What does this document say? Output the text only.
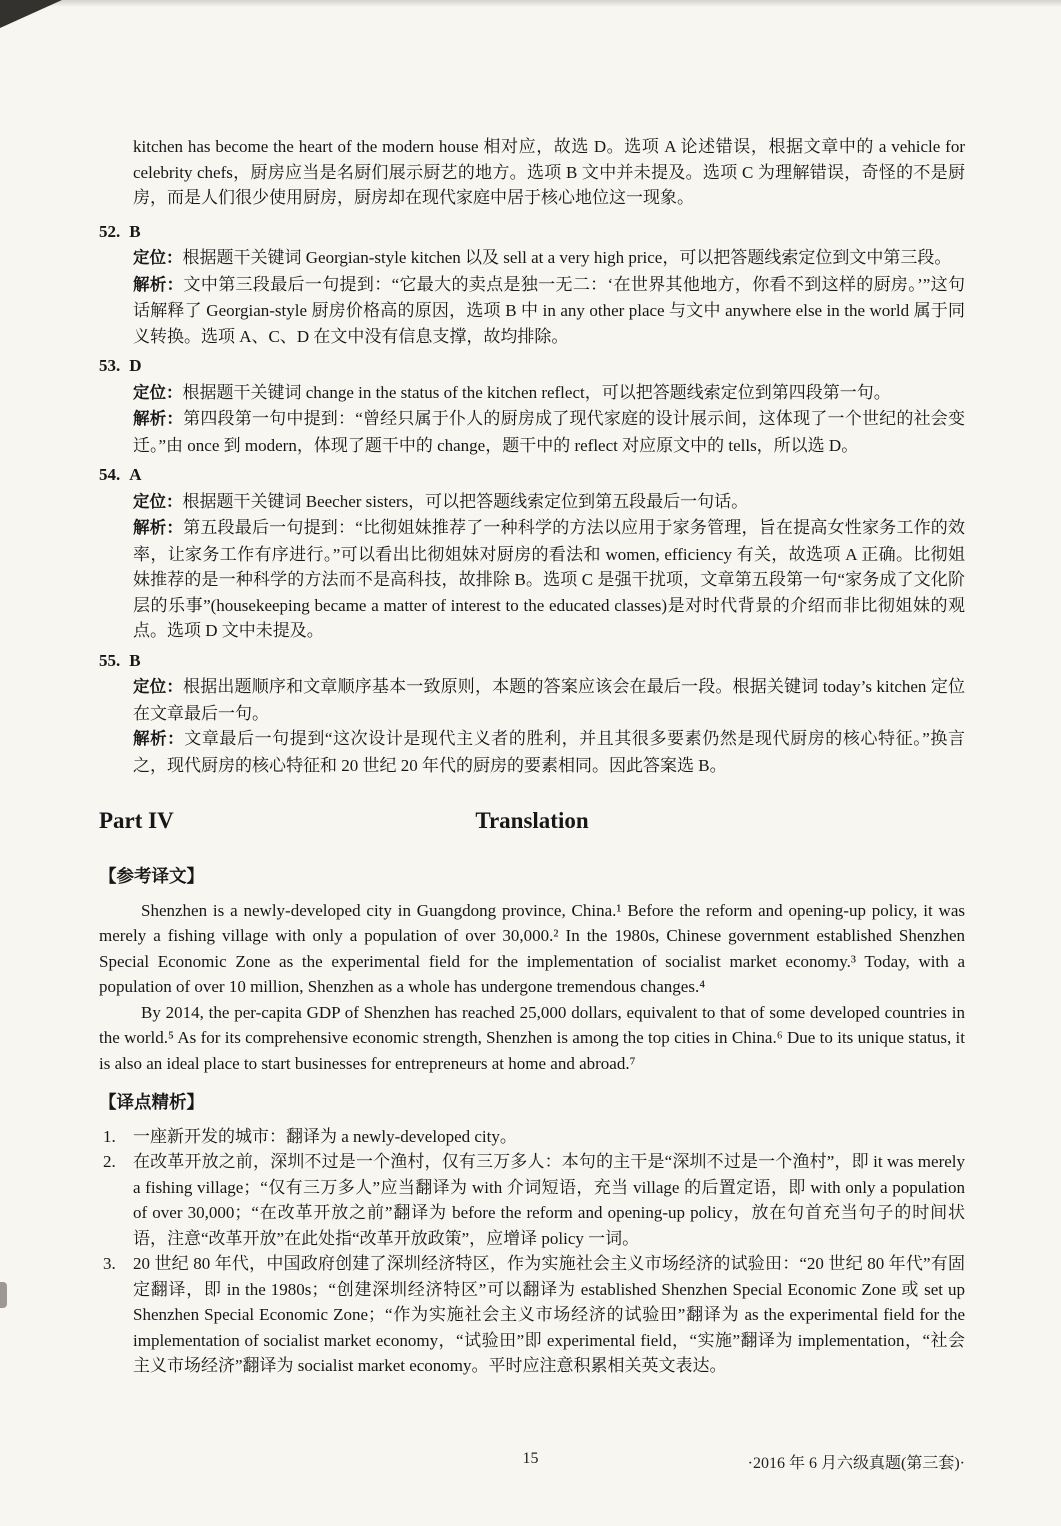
kitchen has become the heart of the modern house 相对应，故选 D。选项 A 论述错误，根据文章中的 a vehicle for celebrity chefs，厨房应当是名厨们展示厨艺的地方。选项 B 文中并未提及。选项 C 为理解错误，奇怪的不是厨房，而是人们很少使用厨房，厨房却在现代家庭中居于核心地位这一现象。

52. B

定位：根据题干关键词 Georgian-style kitchen 以及 sell at a very high price，可以把答题线索定位到文中第三段。

解析：文中第三段最后一句提到：“它最大的卖点是独一无二：‘在世界其他地方，你看不到这样的厨房。’”这句话解释了 Georgian-style 厨房价格高的原因，选项 B 中 in any other place 与文中 anywhere else in the world 属于同义转换。选项 A、C、D 在文中没有信息支撑，故均排除。

53. D

定位：根据题干关键词 change in the status of the kitchen reflect，可以把答题线索定位到第四段第一句。

解析：第四段第一句中提到：“曾经只属于仆人的厨房成了现代家庭的设计展示间，这体现了一个世纪的社会变迁。”由 once 到 modern，体现了题干中的 change，题干中的 reflect 对应原文中的 tells，所以选 D。

54. A

定位：根据题干关键词 Beecher sisters，可以把答题线索定位到第五段最后一句话。

解析：第五段最后一句提到：“比彻姐妹推荐了一种科学的方法以应用于家务管理，旨在提高女性家务工作的效率，让家务工作有序进行。”可以看出比彻姐妹对厨房的看法和 women, efficiency 有关，故选项 A 正确。比彻姐妹推荐的是一种科学的方法而不是高科技，故排除 B。选项 C 是强干扰项，文章第五段第一句“家务成了文化阶层的乐事”(housekeeping became a matter of interest to the educated classes)是对时代背景的介绍而非比彻姐妹的观点。选项 D 文中未提及。

55. B

定位：根据出题顺序和文章顺序基本一致原则，本题的答案应该会在最后一段。根据关键词 today’s kitchen 定位在文章最后一句。

解析：文章最后一句提到“这次设计是现代主义者的胜利，并且其很多要素仍然是现代厨房的核心特征。”换言之，现代厨房的核心特征和 20 世纪 20 年代的厨房的要素相同。因此答案选 B。

Translation
Part IV
【参考译文】

Shenzhen is a newly-developed city in Guangdong province, China.¹ Before the reform and opening-up policy, it was merely a fishing village with only a population of over 30,000.² In the 1980s, Chinese government established Shenzhen Special Economic Zone as the experimental field for the implementation of socialist market economy.³ Today, with a population of over 10 million, Shenzhen as a whole has undergone tremendous changes.⁴

By 2014, the per-capita GDP of Shenzhen has reached 25,000 dollars, equivalent to that of some developed countries in the world.⁵ As for its comprehensive economic strength, Shenzhen is among the top cities in China.⁶ Due to its unique status, it is also an ideal place to start businesses for entrepreneurs at home and abroad.⁷

【译点精析】
1.	一座新开发的城市：翻译为 a newly-developed city。
2.	在改革开放之前，深圳不过是一个渔村，仅有三万多人：本句的主干是“深圳不过是一个渔村”，即 it was merely a fishing village；“仅有三万多人”应当翻译为 with 介词短语，充当 village 的后置定语，即 with only a population of over 30,000；“在改革开放之前”翻译为 before the reform and opening-up policy，放在句首充当句子的时间状语，注意“改革开放”在此处指“改革开放政策”，应增译 policy 一词。
3.	20 世纪 80 年代，中国政府创建了深圳经济特区，作为实施社会主义市场经济的试验田：“20 世纪 80 年代”有固定翻译，即 in the 1980s；“创建深圳经济特区”可以翻译为 established Shenzhen Special Economic Zone 或 set up Shenzhen Special Economic Zone；“作为实施社会主义市场经济的试验田”翻译为 as the experimental field for the implementation of socialist market economy，“试验田”即 experimental field，“实施”翻译为 implementation，“社会主义市场经济”翻译为 socialist market economy。平时应注意积累相关英文表达。
15	·2016 年 6 月六级真题(第三套)·
